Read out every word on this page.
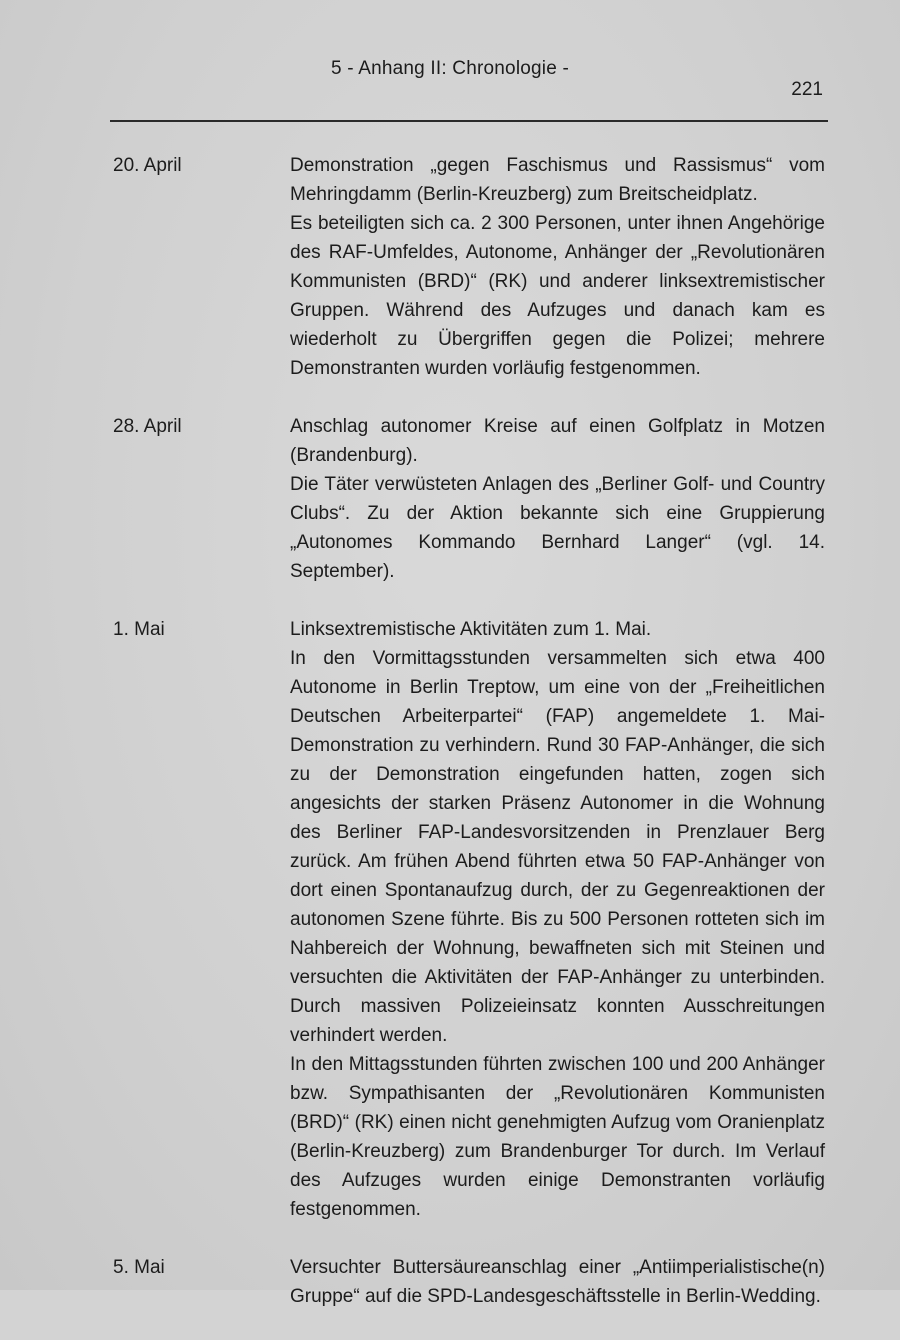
5 - Anhang II: Chronologie -
221
20. April	Demonstration „gegen Faschismus und Rassismus“ vom Mehringdamm (Berlin-Kreuzberg) zum Breitscheidplatz.

Es beteiligten sich ca. 2 300 Personen, unter ihnen Angehörige des RAF-Umfeldes, Autonome, Anhänger der „Revolutionären Kommunisten (BRD)“ (RK) und anderer linksextremistischer Gruppen. Während des Aufzuges und danach kam es wiederholt zu Übergriffen gegen die Polizei; mehrere Demonstranten wurden vorläufig festgenommen.

28. April	Anschlag autonomer Kreise auf einen Golfplatz in Motzen (Brandenburg).

Die Täter verwüsteten Anlagen des „Berliner Golf- und Country Clubs“. Zu der Aktion bekannte sich eine Gruppierung „Autonomes Kommando Bernhard Langer“ (vgl. 14. September).

1. Mai	Linksextremistische Aktivitäten zum 1. Mai.

In den Vormittagsstunden versammelten sich etwa 400 Autonome in Berlin Treptow, um eine von der „Freiheitlichen Deutschen Arbeiterpartei“ (FAP) angemeldete 1. Mai-Demonstration zu verhindern. Rund 30 FAP-Anhänger, die sich zu der Demonstration eingefunden hatten, zogen sich angesichts der starken Präsenz Autonomer in die Wohnung des Berliner FAP-Landesvorsitzenden in Prenzlauer Berg zurück. Am frühen Abend führten etwa 50 FAP-Anhänger von dort einen Spontanaufzug durch, der zu Gegenreaktionen der autonomen Szene führte. Bis zu 500 Personen rotteten sich im Nahbereich der Wohnung, bewaffneten sich mit Steinen und versuchten die Aktivitäten der FAP-Anhänger zu unterbinden. Durch massiven Polizeieinsatz konnten Ausschreitungen verhindert werden.

In den Mittagsstunden führten zwischen 100 und 200 Anhänger bzw. Sympathisanten der „Revolutionären Kommunisten (BRD)“ (RK) einen nicht genehmigten Aufzug vom Oranienplatz (Berlin-Kreuzberg) zum Brandenburger Tor durch. Im Verlauf des Aufzuges wurden einige Demonstranten vorläufig festgenommen.

5. Mai	Versuchter Buttersäureanschlag einer „Antiimperialistische(n) Gruppe“ auf die SPD-Landesgeschäftsstelle in Berlin-Wedding.
